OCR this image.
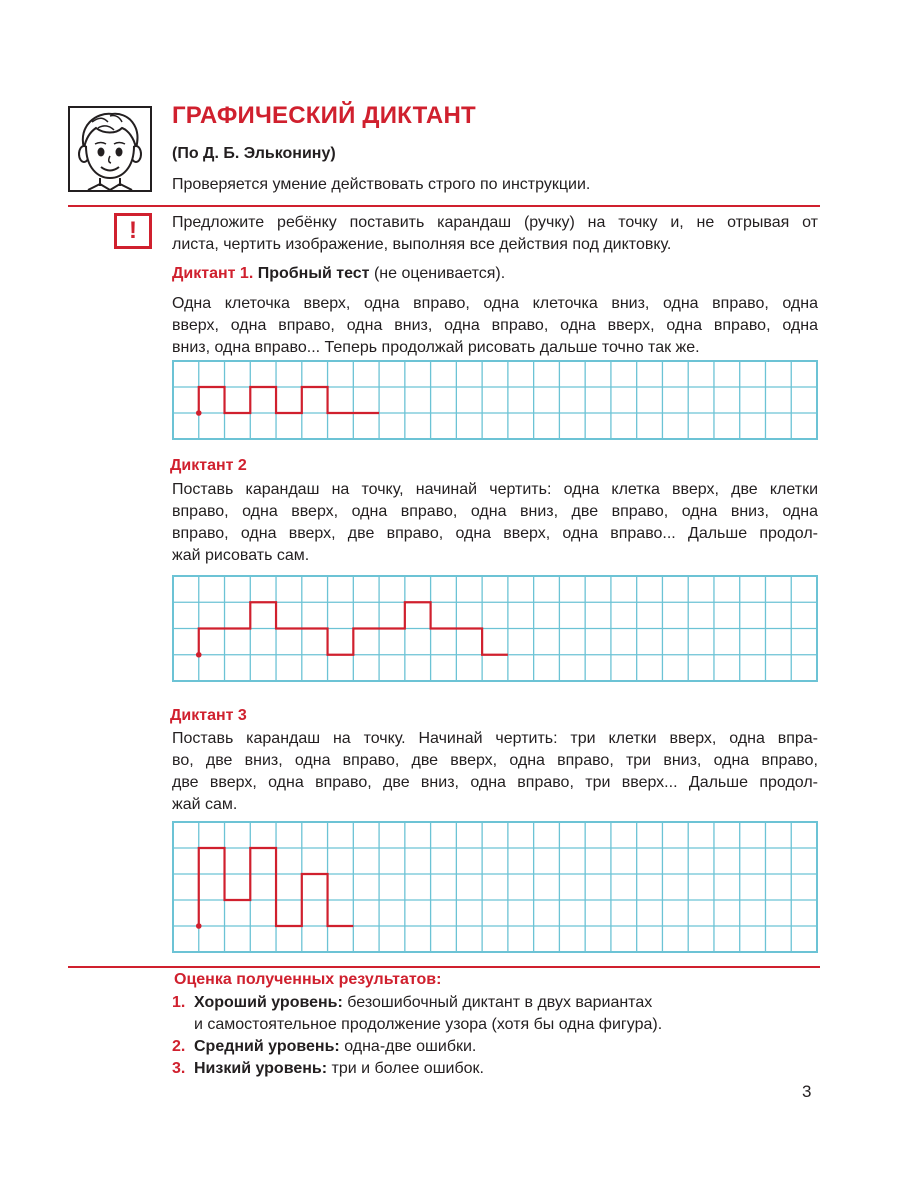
ГРАФИЧЕСКИЙ ДИКТАНТ
(По Д. Б. Эльконину)
Проверяется умение действовать строго по инструкции.
!	Предложите ребёнку поставить карандаш (ручку) на точку и, не отрывая от
листа, чертить изображение, выполняя все действия под диктовку.
Диктант 1. Пробный тест (не оценивается).
Одна клеточка вверх, одна вправо, одна клеточка вниз, одна вправо, одна
вверх, одна вправо, одна вниз, одна вправо, одна вверх, одна вправо, одна
вниз, одна вправо... Теперь продолжай рисовать дальше точно так же.
Диктант 2
Поставь карандаш на точку, начинай чертить: одна клетка вверх, две клетки
вправо, одна вверх, одна вправо, одна вниз, две вправо, одна вниз, одна
вправо, одна вверх, две вправо, одна вверх, одна вправо... Дальше продол-
жай рисовать сам.
Диктант 3
Поставь карандаш на точку. Начинай чертить: три клетки вверх, одна впра-
во, две вниз, одна вправо, две вверх, одна вправо, три вниз, одна вправо,
две вверх, одна вправо, две вниз, одна вправо, три вверх... Дальше продол-
жай сам.
Оценка полученных результатов:
1. Хороший уровень: безошибочный диктант в двух вариантах
и самостоятельное продолжение узора (хотя бы одна фигура).
2. Средний уровень: одна-две ошибки.
3. Низкий уровень: три и более ошибок.
3
